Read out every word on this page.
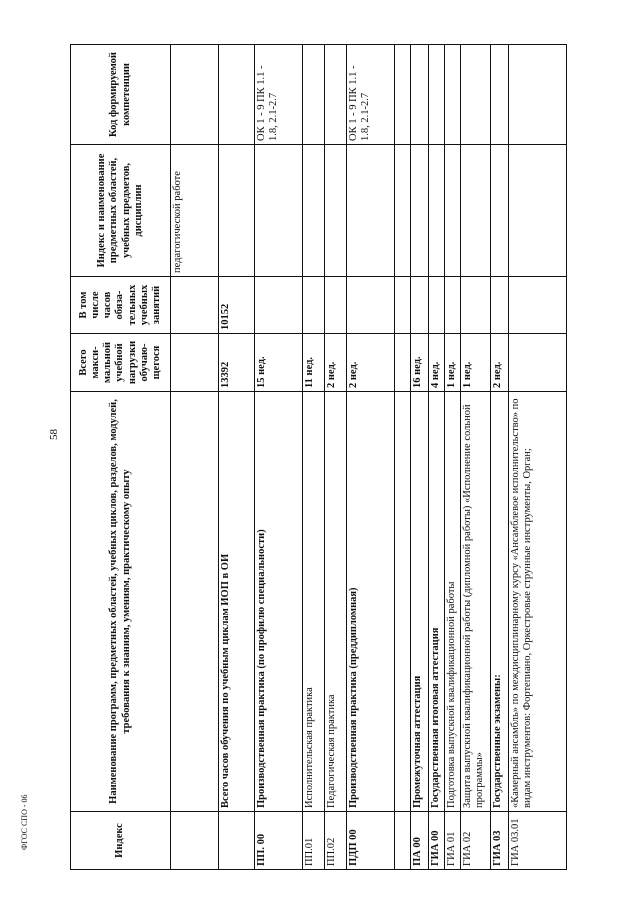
58
ФГОС СПО - 06	Индекс	Наименование программ, предметных областей, учебных циклов, разделов, модулей, требования к знаниям, умениям, практическому опыту	Всего макси-мальной учебной нагрузки обучаю-щегося	В том числе часов обяза-тельных учебных занятий	Индекс и наименование предметных областей, учебных предметов, дисциплин	Код формируемой компетенции
				педагогической работе	
	Всего часов обучения по учебным циклам ИОП в ОИ	13392	10152		
ПП. 00	Производственная практика (по профилю специальности)	15 нед.			ОК 1 - 9 ПК 1.1 - 1.8, 2.1-2.7
ПП.01	Исполнительская практика	11 нед.			
ПП.02	Педагогическая практика	2 нед.			
ПДП 00	Производственная практика (преддипломная)	2 нед.			ОК 1 - 9 ПК 1.1 - 1.8, 2.1-2.7

ПА 00	Промежуточная аттестация	16 нед.			
ГИА 00	Государственная итоговая аттестация	4 нед.			
ГИА 01	Подготовка выпускной квалификационной работы	1 нед.			
ГИА 02	Защита выпускной квалификационной работы (дипломной работы) «Исполнение сольной программы»	1 нед.			
ГИА 03	Государственные экзамены:	2 нед.			
ГИА 03.01	«Камерный ансамбль» по междисциплинарному курсу «Ансамблевое исполнительство» по видам инструментов: Фортепиано, Оркестровые струнные инструменты, Орган;				
